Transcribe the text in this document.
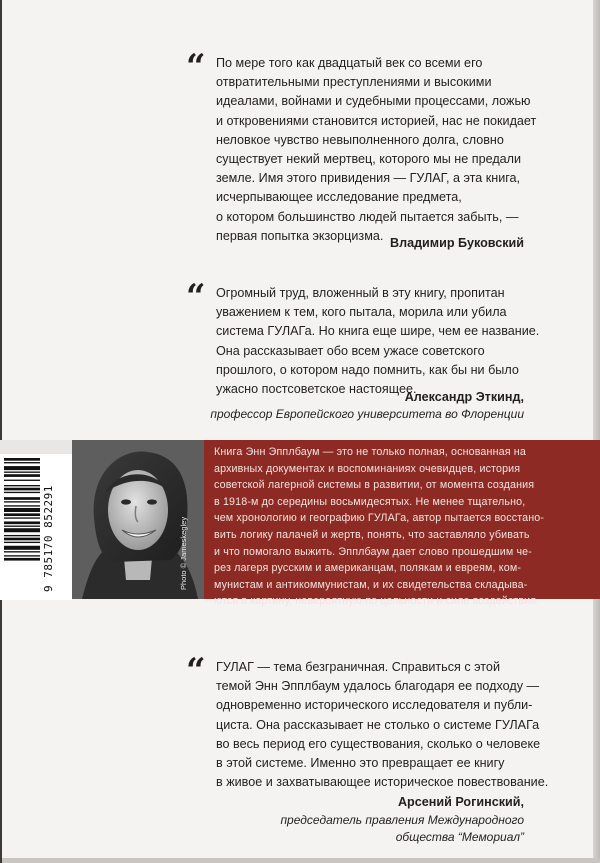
“ По мере того как двадцатый век со всеми его
отвратительными преступлениями и высокими
идеалами, войнами и судебными процессами, ложью
и откровениями становится историей, нас не покидает
неловкое чувство невыполненного долга, словно
существует некий мертвец, которого мы не предали
земле. Имя этого привидения — ГУЛАГ, а эта книга,
исчерпывающее исследование предмета,
о котором большинство людей пытается забыть, —
первая попытка экзорцизма.
Владимир Буковский
“ Огромный труд, вложенный в эту книгу, пропитан
уважением к тем, кого пытала, морила или убила
система ГУЛАГа. Но книга еще шире, чем ее название.
Она рассказывает обо всем ужасе советского
прошлого, о котором надо помнить, как бы ни было
ужасно постсоветское настоящее.
Александр Эткинд,
профессор Европейского университета во Флоренции
9 785170 852291	Photo © Jameskegley
Книга Энн Эпплбаум — это не только полная, основанная на
архивных документах и воспоминаниях очевидцев, история
советской лагерной системы в развитии, от момента создания
в 1918-м до середины восьмидесятых. Не менее тщательно,
чем хронологию и географию ГУЛАГа, автор пытается восстано-
вить логику палачей и жертв, понять, что заставляло убивать
и что помогало выжить. Эпплбаум дает слово прошедшим че-
рез лагеря русским и американцам, полякам и евреям, ком-
мунистам и антикоммунистам, и их свидетельства складыва-
ются в картину, невероятную по цельности и силе воздействия.
“ ГУЛАГ — тема безграничная. Справиться с этой
темой Энн Эпплбаум удалось благодаря ее подходу —
одновременно исторического исследователя и публи-
циста. Она рассказывает не столько о системе ГУЛАГа
во весь период его существования, сколько о человеке
в этой системе. Именно это превращает ее книгу
в живое и захватывающее историческое повествование.
Арсений Рогинский,
председатель правления Международного
общества “Мемориал”
